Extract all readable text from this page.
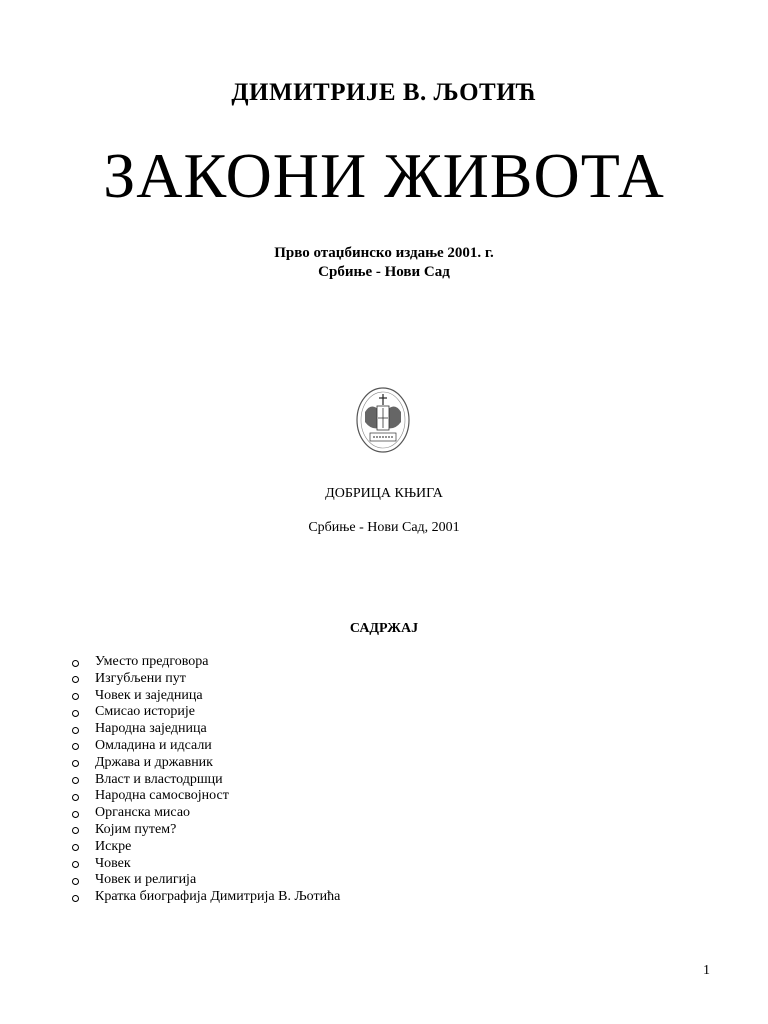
ДИМИТРИЈЕ В. ЉОТИЋ
ЗАКОНИ ЖИВОТА
Прво отаџбинско издање 2001. г.
Србиње - Нови Сад
ДОБРИЦА КЊИГА
Србиње - Нови Сад, 2001
САДРЖАЈ
Уместо предговора
Изгубљени пут
Човек и заједница
Смисао историје
Народна заједница
Омладина и идсали
Држава и државник
Власт и властодршци
Народна самосвојност
Органска мисао
Којим путем?
Искре
Човек
Човек и религија
Кратка биографија Димитрија В. Љотића
1
